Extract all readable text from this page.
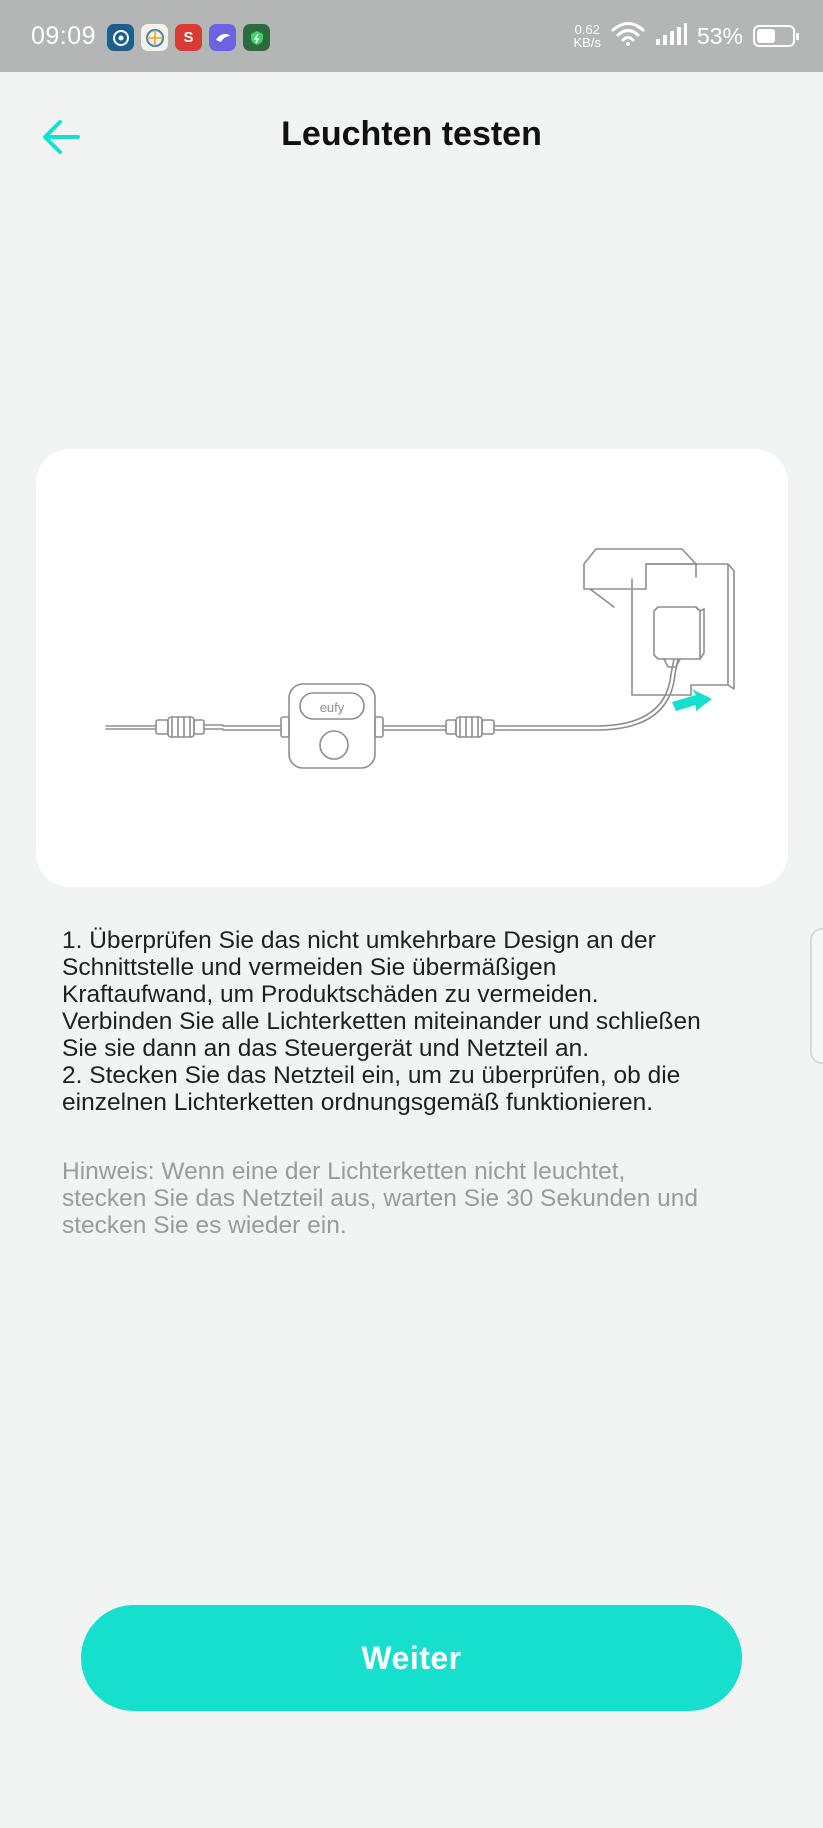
09:09	S	0.62
KB/s	53%
Leuchten testen
eufy

1. Überprüfen Sie das nicht umkehrbare Design an der

Schnittstelle und vermeiden Sie übermäßigen

Kraftaufwand, um Produktschäden zu vermeiden.

Verbinden Sie alle Lichterketten miteinander und schließen

Sie sie dann an das Steuergerät und Netzteil an.

2. Stecken Sie das Netzteil ein, um zu überprüfen, ob die

einzelnen Lichterketten ordnungsgemäß funktionieren.

Hinweis: Wenn eine der Lichterketten nicht leuchtet,

stecken Sie das Netzteil aus, warten Sie 30 Sekunden und

stecken Sie es wieder ein.

Weiter
